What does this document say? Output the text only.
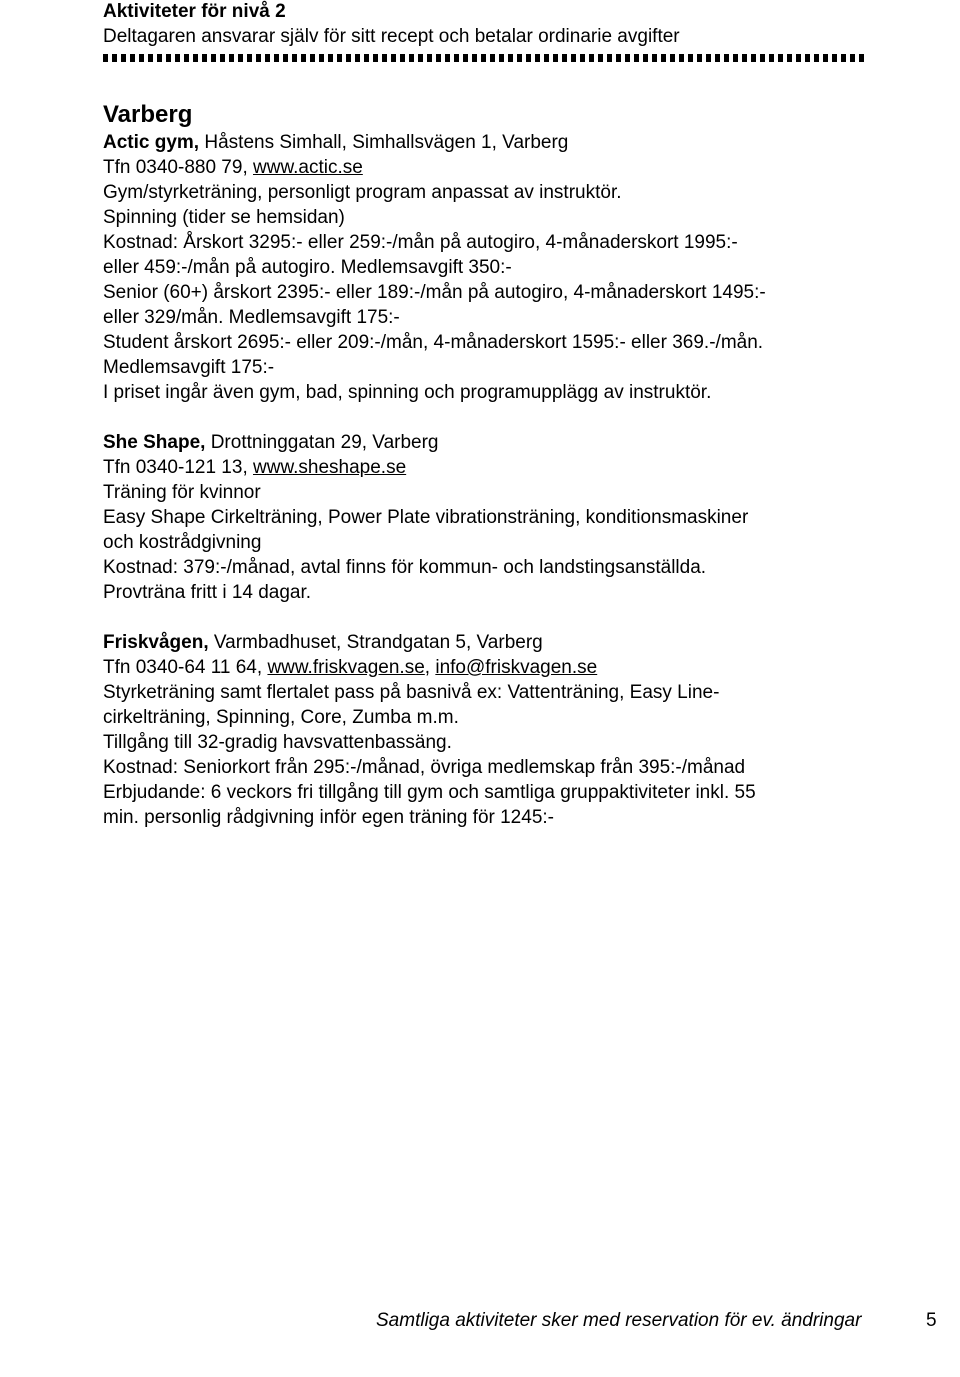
Aktiviteter för nivå 2
Deltagaren ansvarar själv för sitt recept och betalar ordinarie avgifter
Varberg
Actic gym, Håstens Simhall, Simhallsvägen 1, Varberg
Tfn 0340-880 79, www.actic.se
Gym/styrketräning, personligt program anpassat av instruktör.
Spinning (tider se hemsidan)
Kostnad: Årskort 3295:- eller 259:-/mån på autogiro, 4-månaderskort 1995:-
eller 459:-/mån på autogiro. Medlemsavgift 350:-
Senior (60+) årskort 2395:- eller 189:-/mån på autogiro, 4-månaderskort 1495:-
eller 329/mån. Medlemsavgift 175:-
Student årskort 2695:- eller 209:-/mån, 4-månaderskort 1595:- eller 369.-/mån.
Medlemsavgift 175:-
I priset ingår även gym, bad, spinning och programupplägg av instruktör.
She Shape, Drottninggatan 29, Varberg
Tfn 0340-121 13, www.sheshape.se
Träning för kvinnor
Easy Shape Cirkelträning, Power Plate vibrationsträning, konditionsmaskiner
och kostrådgivning
Kostnad: 379:-/månad, avtal finns för kommun- och landstingsanställda.
Provträna fritt i 14 dagar.
Friskvågen, Varmbadhuset, Strandgatan 5, Varberg
Tfn 0340-64 11 64, www.friskvagen.se, info@friskvagen.se
Styrketräning samt flertalet pass på basnivå ex: Vattenträning, Easy Line-
cirkelträning, Spinning, Core, Zumba m.m.
Tillgång till 32-gradig havsvattenbassäng.
Kostnad: Seniorkort från 295:-/månad, övriga medlemskap från 395:-/månad
Erbjudande: 6 veckors fri tillgång till gym och samtliga gruppaktiviteter inkl. 55
min. personlig rådgivning inför egen träning för 1245:-
Samtliga aktiviteter sker med reservation för ev. ändringar	5
